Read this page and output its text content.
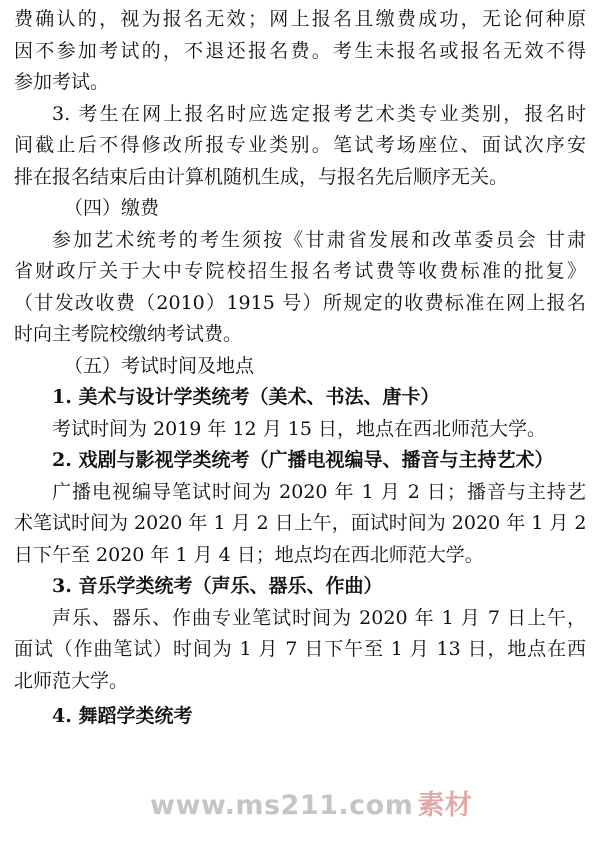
费确认的，视为报名无效；网上报名且缴费成功，无论何种原
因不参加考试的，不退还报名费。考生未报名或报名无效不得
参加考试。
3. 考生在网上报名时应选定报考艺术类专业类别，报名时
间截止后不得修改所报专业类别。笔试考场座位、面试次序安
排在报名结束后由计算机随机生成，与报名先后顺序无关。
（四）缴费
参加艺术统考的考生须按《甘肃省发展和改革委员会 甘肃
省财政厅关于大中专院校招生报名考试费等收费标准的批复》
（甘发改收费（2010）1915 号）所规定的收费标准在网上报名
时向主考院校缴纳考试费。
（五）考试时间及地点
1. 美术与设计学类统考（美术、书法、唐卡）
考试时间为 2019 年 12 月 15 日，地点在西北师范大学。
2. 戏剧与影视学类统考（广播电视编导、播音与主持艺术）
广播电视编导笔试时间为 2020 年 1 月 2 日；播音与主持艺
术笔试时间为 2020 年 1 月 2 日上午，面试时间为 2020 年 1 月 2
日下午至 2020 年 1 月 4 日；地点均在西北师范大学。
3. 音乐学类统考（声乐、器乐、作曲）
声乐、器乐、作曲专业笔试时间为 2020 年 1 月 7 日上午，
面试（作曲笔试）时间为 1 月 7 日下午至 1 月 13 日，地点在西
北师范大学。
4. 舞蹈学类统考
www.ms211.com 素材
